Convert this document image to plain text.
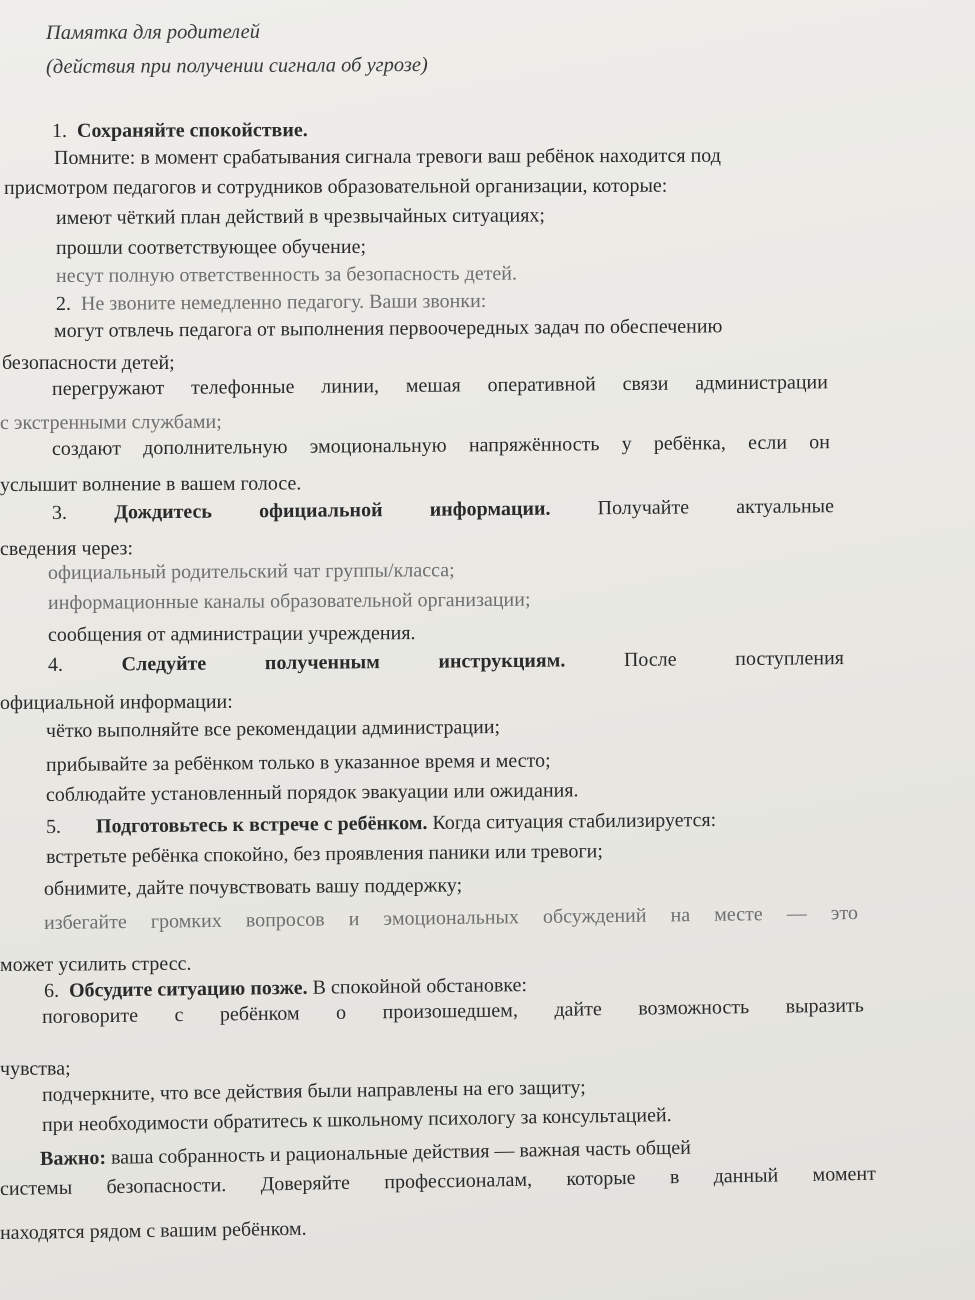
Памятка для родителей
(действия при получении сигнала об угрозе)
1. Сохраняйте спокойствие.
Помните: в момент срабатывания сигнала тревоги ваш ребёнок находится под
присмотром педагогов и сотрудников образовательной организации, которые:
имеют чёткий план действий в чрезвычайных ситуациях;
прошли соответствующее обучение;
несут полную ответственность за безопасность детей.
2. Не звоните немедленно педагогу. Ваши звонки:
могут отвлечь педагога от выполнения первоочередных задач по обеспечению
безопасности детей;
перегружают телефонные линии, мешая оперативной связи администрации
с экстренными службами;
создают дополнительную эмоциональную напряжённость у ребёнка, если он
услышит волнение в вашем голосе.
3. Дождитесь официальной информации. Получайте актуальные
сведения через:
официальный родительский чат группы/класса;
информационные каналы образовательной организации;
сообщения от администрации учреждения.
4.	Следуйте	полученным	инструкциям.	После	поступления
официальной информации:
чётко выполняйте все рекомендации администрации;
прибывайте за ребёнком только в указанное время и место;
соблюдайте установленный порядок эвакуации или ожидания.
5. Подготовьтесь к встрече с ребёнком. Когда ситуация стабилизируется:
встретьте ребёнка спокойно, без проявления паники или тревоги;
обнимите, дайте почувствовать вашу поддержку;
избегайте громких вопросов и эмоциональных обсуждений на месте — это
может усилить стресс.
6. Обсудите ситуацию позже. В спокойной обстановке:
поговорите с ребёнком о произошедшем, дайте возможность выразить
чувства;
подчеркните, что все действия были направлены на его защиту;
при необходимости обратитесь к школьному психологу за консультацией.
Важно: ваша собранность и рациональные действия — важная часть общей
системы безопасности. Доверяйте профессионалам, которые в данный момент
находятся рядом с вашим ребёнком.
